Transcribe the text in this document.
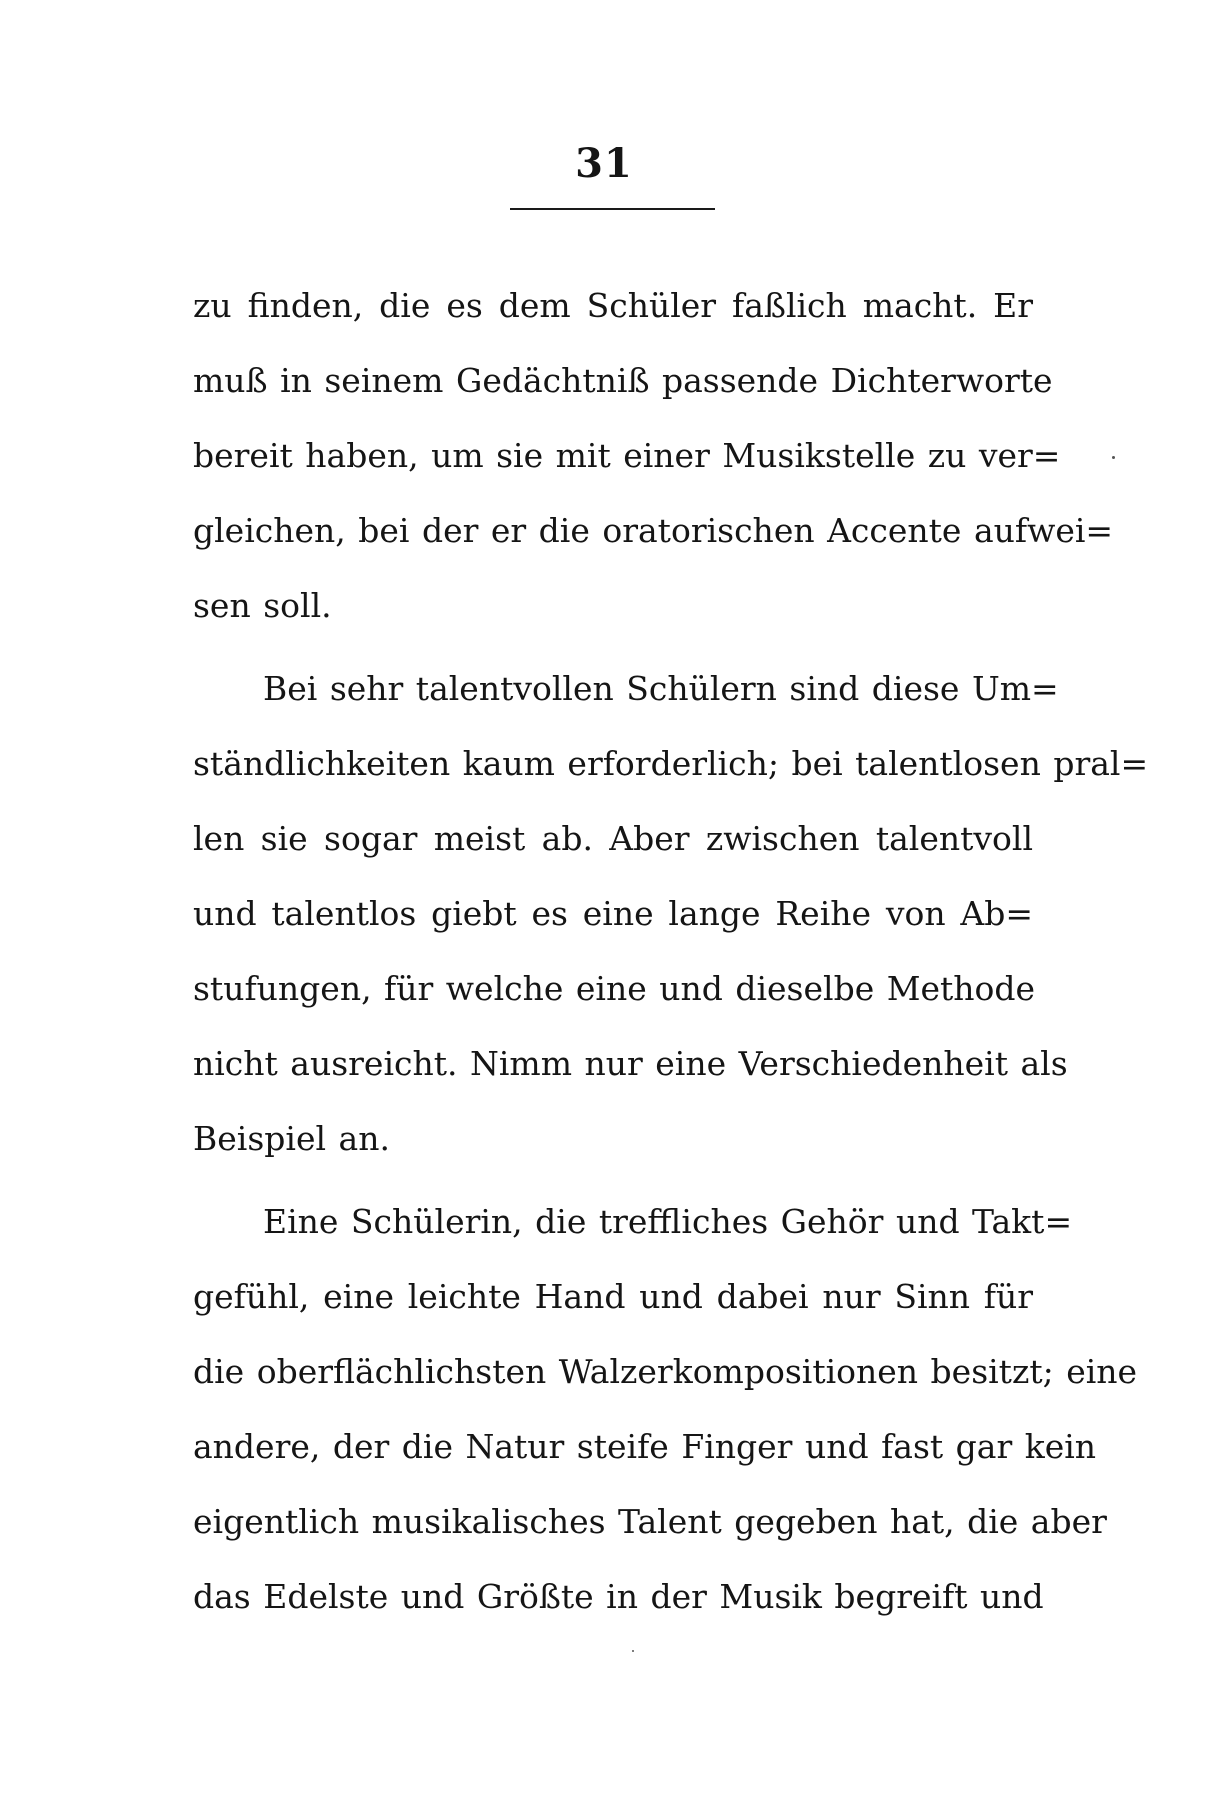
31
zu finden, die es dem Schüler faßlich macht. Er
muß in seinem Gedächtniß passende Dichterworte
bereit haben, um sie mit einer Musikstelle zu ver=
gleichen, bei der er die oratorischen Accente aufwei=
sen soll.
Bei sehr talentvollen Schülern sind diese Um=
ständlichkeiten kaum erforderlich; bei talentlosen pral=
len sie sogar meist ab. Aber zwischen talentvoll
und talentlos giebt es eine lange Reihe von Ab=
stufungen, für welche eine und dieselbe Methode
nicht ausreicht. Nimm nur eine Verschiedenheit als
Beispiel an.
Eine Schülerin, die treffliches Gehör und Takt=
gefühl, eine leichte Hand und dabei nur Sinn für
die oberflächlichsten Walzerkompositionen besitzt; eine
andere, der die Natur steife Finger und fast gar kein
eigentlich musikalisches Talent gegeben hat, die aber
das Edelste und Größte in der Musik begreift und
